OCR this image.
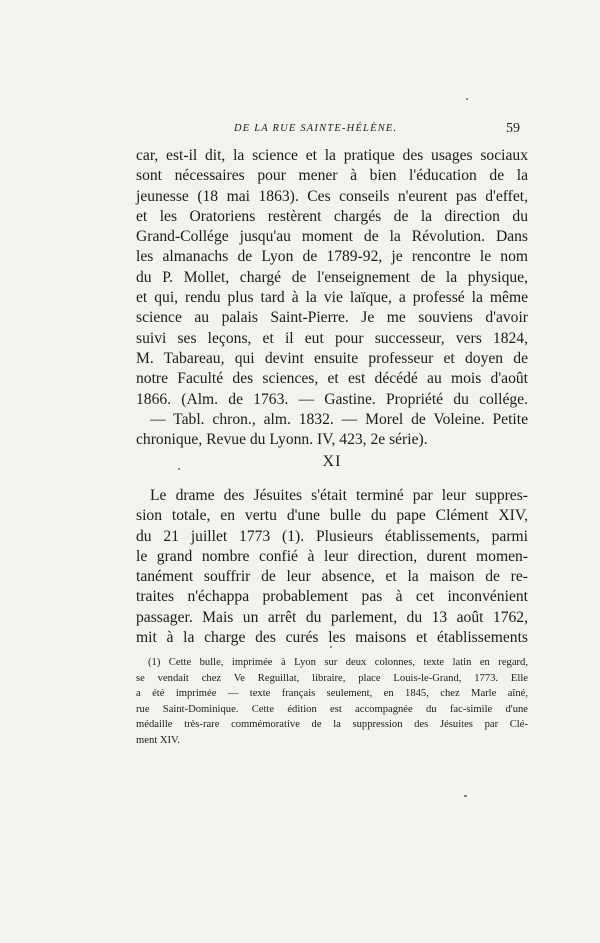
DE LA RUE SAINTE-HÉLÈNE.	59
car, est-il dit, la science et la pratique des usages sociaux
sont nécessaires pour mener à bien l'éducation de la
jeunesse (18 mai 1863). Ces conseils n'eurent pas d'effet,
et les Oratoriens restèrent chargés de la direction du
Grand-Collége jusqu'au moment de la Révolution. Dans
les almanachs de Lyon de 1789-92, je rencontre le nom
du P. Mollet, chargé de l'enseignement de la physique,
et qui, rendu plus tard à la vie laïque, a professé la même
science au palais Saint-Pierre. Je me souviens d'avoir
suivi ses leçons, et il eut pour successeur, vers 1824,
M. Tabareau, qui devint ensuite professeur et doyen de
notre Faculté des sciences, et est décédé au mois d'août
1866. (Alm. de 1763. — Gastine. Propriété du collége.
— Tabl. chron., alm. 1832. — Morel de Voleine. Petite
chronique, Revue du Lyonn. IV, 423, 2e série).
XI
Le drame des Jésuites s'était terminé par leur suppres-
sion totale, en vertu d'une bulle du pape Clément XIV,
du 21 juillet 1773 (1). Plusieurs établissements, parmi
le grand nombre confié à leur direction, durent momen-
tanément souffrir de leur absence, et la maison de re-
traites n'échappa probablement pas à cet inconvénient
passager. Mais un arrêt du parlement, du 13 août 1762,
mit à la charge des curés les maisons et établissements
(1) Cette bulle, imprimée à Lyon sur deux colonnes, texte latin en regard,
se vendait chez Ve Reguillat, libraire, place Louis-le-Grand, 1773. Elle
a été imprimée — texte français seulement, en 1845, chez Marle aîné,
rue Saint-Dominique. Cette édition est accompagnée du fac-simile d'une
médaille très-rare commémorative de la suppression des Jésuites par Clé-
ment XIV.
